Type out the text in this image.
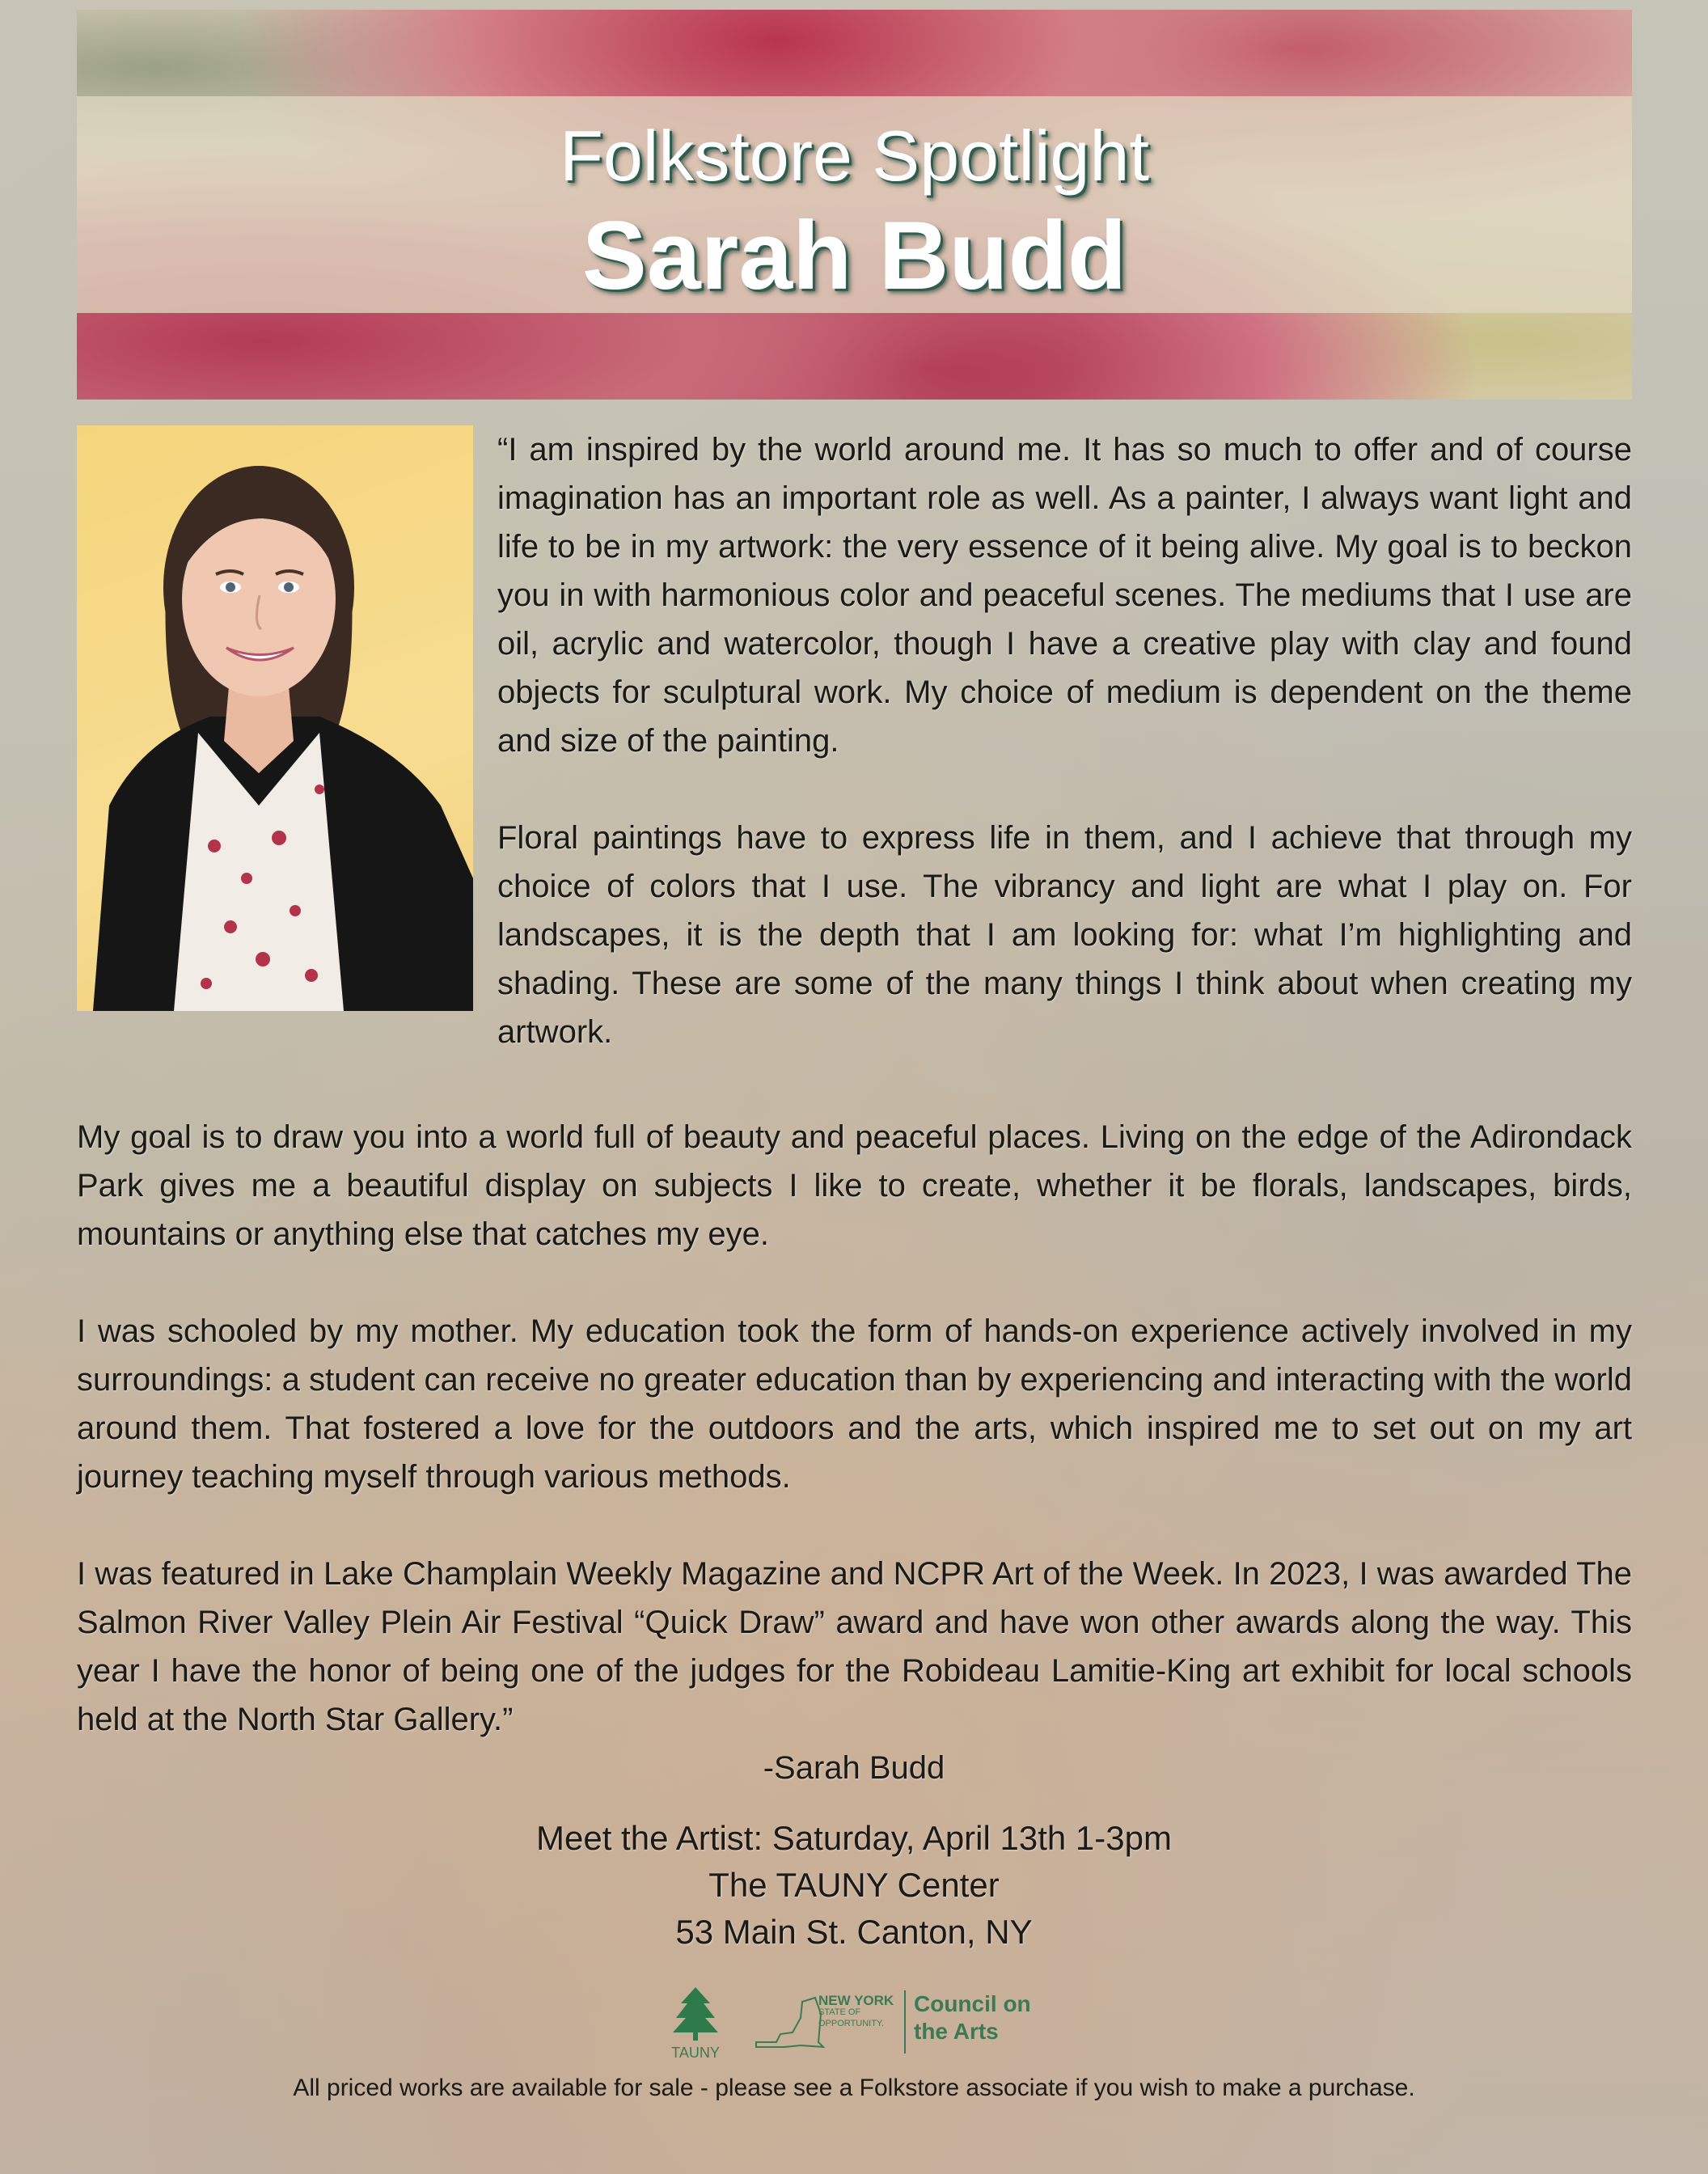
Folkstore Spotlight
Sarah Budd

“I am inspired by the world around me. It has so much to offer and of course imagination has an important role as well. As a painter, I always want light and life to be in my artwork: the very essence of it being alive. My goal is to beckon you in with harmonious color and peaceful scenes. The mediums that I use are oil, acrylic and watercolor, though I have a creative play with clay and found objects for sculptural work. My choice of medium is dependent on the theme and size of the painting.

Floral paintings have to express life in them, and I achieve that through my choice of colors that I use. The vibrancy and light are what I play on. For landscapes, it is the depth that I am looking for: what I’m highlighting and shading. These are some of the many things I think about when creating my artwork.

My goal is to draw you into a world full of beauty and peaceful places. Living on the edge of the Adirondack Park gives me a beautiful display on subjects I like to create, whether it be florals, landscapes, birds, mountains or anything else that catches my eye.

I was schooled by my mother. My education took the form of hands-on experience actively involved in my surroundings: a student can receive no greater education than by experiencing and interacting with the world around them. That fostered a love for the outdoors and the arts, which inspired me to set out on my art journey teaching myself through various methods.

I was featured in Lake Champlain Weekly Magazine and NCPR Art of the Week. In 2023, I was awarded The Salmon River Valley Plein Air Festival “Quick Draw” award and have won other awards along the way. This year I have the honor of being one of the judges for the Robideau Lamitie-King art exhibit for local schools held at the North Star Gallery.”

-Sarah Budd

Meet the Artist: Saturday, April 13th 1-3pm

The TAUNY Center

53 Main St. Canton, NY

TAUNY
NEW YORK
STATE OF
OPPORTUNITY.
Council on
the Arts

All priced works are available for sale - please see a Folkstore associate if you wish to make a purchase.
